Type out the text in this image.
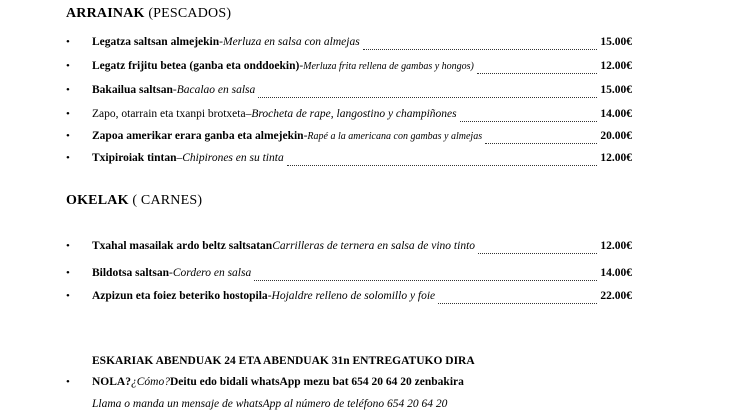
ARRAINAK (PESCADOS)
•	Legatza saltsan almejekin - Merluza en salsa con almejas	15.00€
•	Legatz frijitu betea (ganba eta onddoekin) - Merluza frita rellena de gambas y hongos)	12.00€
•	Bakailua saltsan - Bacalao en salsa	15.00€
•	Zapo, otarrain eta txanpi brotxeta – Brocheta de rape, langostino y champiñones	14.00€
•	Zapoa amerikar erara ganba eta almejekin - Rapé a la americana con gambas y almejas	20.00€
•	Txipiroiak tintan – Chipirones en su tinta	12.00€
OKELAK ( CARNES)
•	Txahal masailak ardo beltz saltsatan Carrilleras de ternera en salsa de vino tinto	12.00€
•	Bildotsa saltsan - Cordero en salsa	14.00€
•	Azpizun eta foiez beteriko hostopila - Hojaldre relleno de solomillo y foie	22.00€
ESKARIAK ABENDUAK 24 ETA ABENDUAK 31n ENTREGATUKO DIRA
•	NOLA? ¿Cómo? Deitu edo bidali whatsApp mezu bat 654 20 64 20 zenbakira
Llama o manda un mensaje de whatsApp al número de teléfono 654 20 64 20
